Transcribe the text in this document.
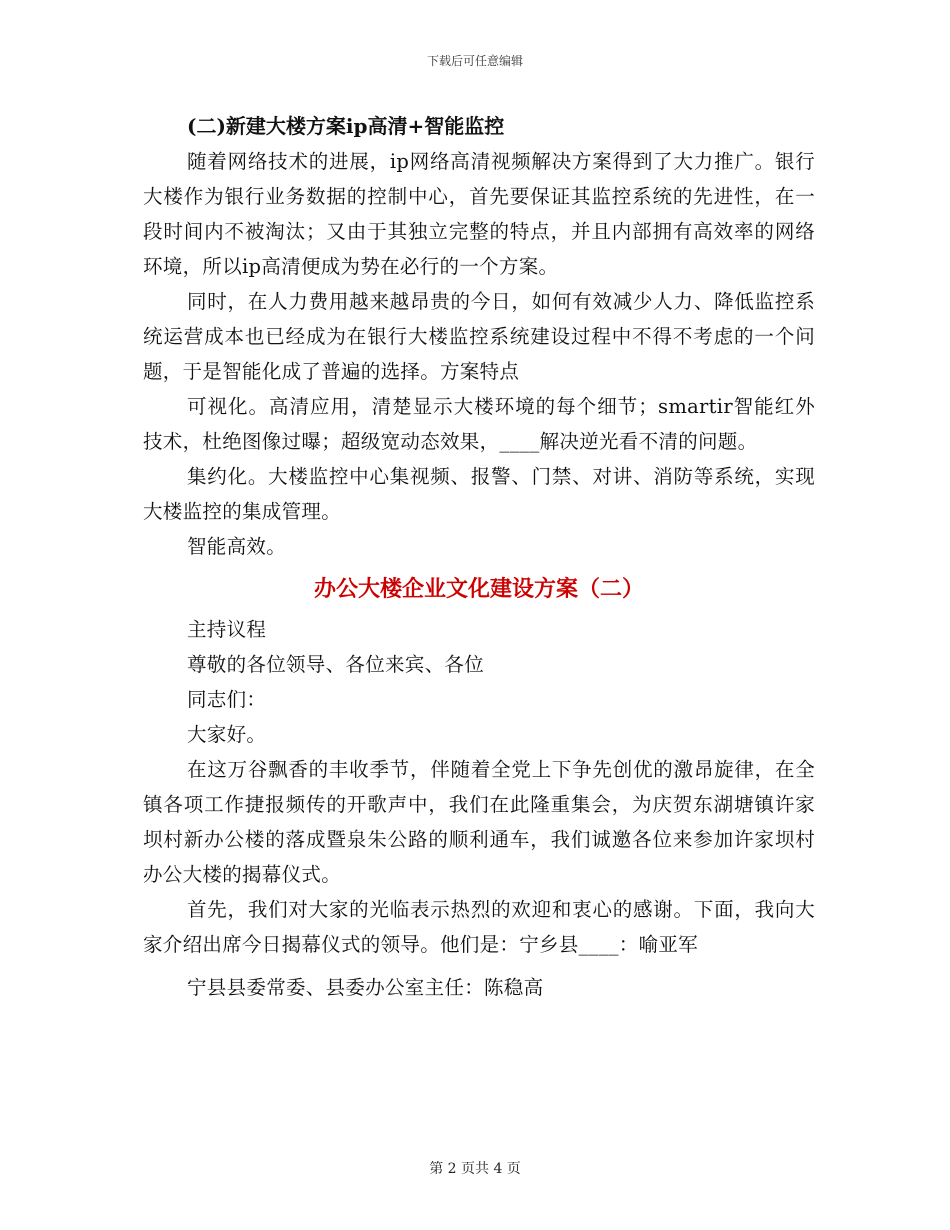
下载后可任意编辑
(二)新建大楼方案ip高清+智能监控

随着网络技术的进展，ip网络高清视频解决方案得到了大力推广。银行大楼作为银行业务数据的控制中心，首先要保证其监控系统的先进性，在一段时间内不被淘汰；又由于其独立完整的特点，并且内部拥有高效率的网络环境，所以ip高清便成为势在必行的一个方案。

同时，在人力费用越来越昂贵的今日，如何有效减少人力、降低监控系统运营成本也已经成为在银行大楼监控系统建设过程中不得不考虑的一个问题，于是智能化成了普遍的选择。方案特点

可视化。高清应用，清楚显示大楼环境的每个细节；smartir智能红外技术，杜绝图像过曝；超级宽动态效果，____解决逆光看不清的问题。

集约化。大楼监控中心集视频、报警、门禁、对讲、消防等系统，实现大楼监控的集成管理。

智能高效。

办公大楼企业文化建设方案（二）

主持议程

尊敬的各位领导、各位来宾、各位

同志们：

大家好。

在这万谷飘香的丰收季节，伴随着全党上下争先创优的激昂旋律，在全镇各项工作捷报频传的开歌声中，我们在此隆重集会，为庆贺东湖塘镇许家坝村新办公楼的落成暨泉朱公路的顺利通车，我们诚邀各位来参加许家坝村办公大楼的揭幕仪式。

首先，我们对大家的光临表示热烈的欢迎和衷心的感谢。下面，我向大家介绍出席今日揭幕仪式的领导。他们是：宁乡县____：喻亚军

宁县县委常委、县委办公室主任：陈稳高

第 2 页共 4 页
